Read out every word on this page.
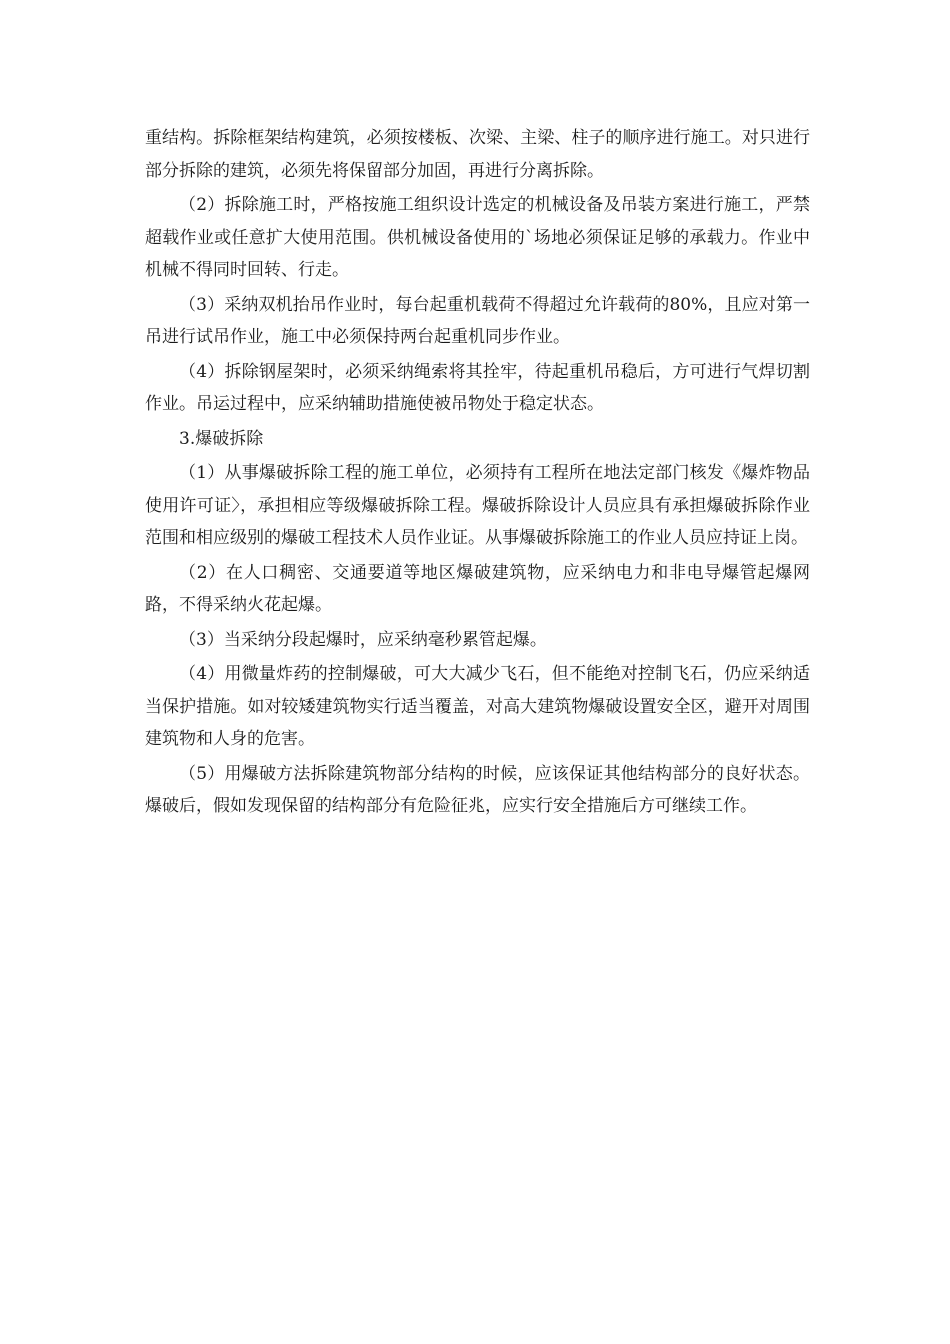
重结构。拆除框架结构建筑，必须按楼板、次梁、主梁、柱子的顺序进行施工。对只进行部分拆除的建筑，必须先将保留部分加固，再进行分离拆除。

（2）拆除施工时，严格按施工组织设计选定的机械设备及吊装方案进行施工，严禁超载作业或任意扩大使用范围。供机械设备使用的`场地必须保证足够的承载力。作业中机械不得同时回转、行走。

（3）采纳双机抬吊作业时，每台起重机载荷不得超过允许载荷的80%，且应对第一吊进行试吊作业，施工中必须保持两台起重机同步作业。

（4）拆除钢屋架时，必须采纳绳索将其拴牢，待起重机吊稳后，方可进行气焊切割作业。吊运过程中，应采纳辅助措施使被吊物处于稳定状态。

3.爆破拆除

（1）从事爆破拆除工程的施工单位，必须持有工程所在地法定部门核发《爆炸物品使用许可证〉，承担相应等级爆破拆除工程。爆破拆除设计人员应具有承担爆破拆除作业范围和相应级别的爆破工程技术人员作业证。从事爆破拆除施工的作业人员应持证上岗。

（2）在人口稠密、交通要道等地区爆破建筑物，应采纳电力和非电导爆管起爆网路，不得采纳火花起爆。

（3）当采纳分段起爆时，应采纳毫秒累管起爆。

（4）用微量炸药的控制爆破，可大大减少飞石，但不能绝对控制飞石，仍应采纳适当保护措施。如对较矮建筑物实行适当覆盖，对高大建筑物爆破设置安全区，避开对周围建筑物和人身的危害。

（5）用爆破方法拆除建筑物部分结构的时候，应该保证其他结构部分的良好状态。爆破后，假如发现保留的结构部分有危险征兆，应实行安全措施后方可继续工作。
